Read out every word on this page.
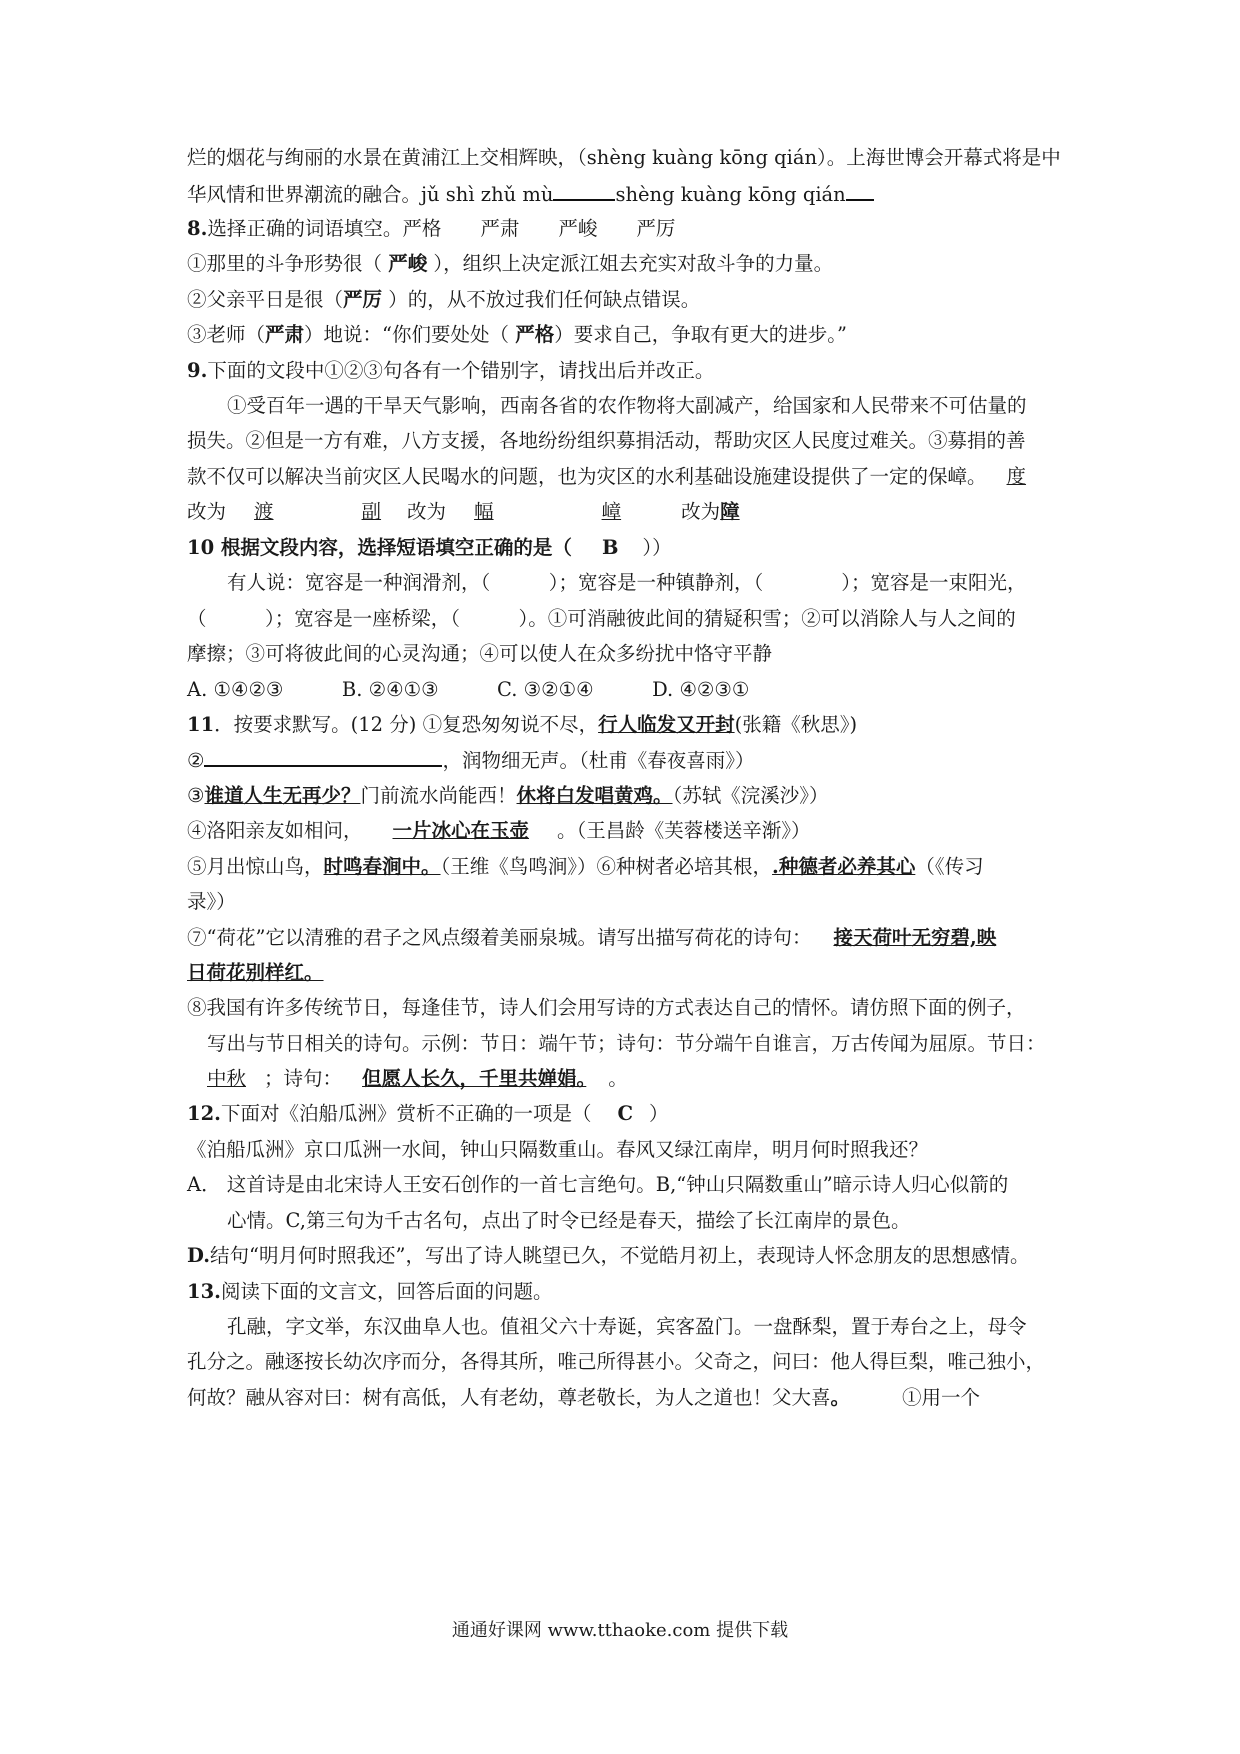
烂的烟花与绚丽的水景在黄浦江上交相辉映，（shèng kuàng kōng qián）。上海世博会开幕式将是中
华风情和世界潮流的融合。jǔ shì zhǔ mù	shèng kuàng kōng qián
8.选择正确的词语填空。严格　　严肃　　严峻　　严厉
①那里的斗争形势很（ 严峻 ），组织上决定派江姐去充实对敌斗争的力量。
②父亲平日是很（严厉 ）的，从不放过我们任何缺点错误。
③老师（严肃）地说：“你们要处处（ 严格）要求自己，争取有更大的进步。”
9.下面的文段中①②③句各有一个错别字，请找出后并改正。
①受百年一遇的干旱天气影响，西南各省的农作物将大副减产，给国家和人民带来不可估量的
损失。②但是一方有难，八方支援，各地纷纷组织募捐活动，帮助灾区人民度过难关。③募捐的善
款不仅可以解决当前灾区人民喝水的问题，也为灾区的水利基础设施建设提供了一定的保嶂。 度
改为 渡	副 改为 幅	嶂	改为障
10 根据文段内容，选择短语填空正确的是（ B ））
有人说：宽容是一种润滑剂，（　　　）；宽容是一种镇静剂，（　　　　）；宽容是一束阳光，
（　　　）；宽容是一座桥梁，（　　　）。①可消融彼此间的猜疑积雪；②可以消除人与人之间的
摩擦；③可将彼此间的心灵沟通；④可以使人在众多纷扰中恪守平静
A. ①④②③　　　B. ②④①③　　　C. ③②①④　　　D. ④②③①
11．按要求默写。(12 分) ①复恐匆匆说不尽，行人临发又开封(张籍《秋思》)
②	，润物细无声。（杜甫《春夜喜雨》）
③谁道人生无再少？门前流水尚能西！休将白发唱黄鸡。（苏轼《浣溪沙》）
④洛阳亲友如相问， 一片冰心在玉壶 。（王昌龄《芙蓉楼送辛渐》）
⑤月出惊山鸟，时鸣春涧中。（王维《鸟鸣涧》）⑥种树者必培其根，.种德者必养其心（《传习
录》）
⑦“荷花”它以清雅的君子之风点缀着美丽泉城。请写出描写荷花的诗句： 接天荷叶无穷碧,映
日荷花别样红。
⑧我国有许多传统节日，每逢佳节，诗人们会用写诗的方式表达自己的情怀。请仿照下面的例子，
写出与节日相关的诗句。示例：节日：端午节；诗句：节分端午自谁言，万古传闻为屈原。节日：
中秋 ；诗句： 但愿人长久，千里共婵娟。 。
12.下面对《泊船瓜洲》赏析不正确的一项是（ C ）
《泊船瓜洲》京口瓜洲一水间，钟山只隔数重山。春风又绿江南岸，明月何时照我还？
A． 这首诗是由北宋诗人王安石创作的一首七言绝句。B,“钟山只隔数重山”暗示诗人归心似箭的
心情。C,第三句为千古名句，点出了时令已经是春天，描绘了长江南岸的景色。
D.结句“明月何时照我还”，写出了诗人眺望已久，不觉皓月初上，表现诗人怀念朋友的思想感情。
13.阅读下面的文言文，回答后面的问题。
孔融，字文举，东汉曲阜人也。值祖父六十寿诞，宾客盈门。一盘酥梨，置于寿台之上，母令
孔分之。融逐按长幼次序而分，各得其所，唯己所得甚小。父奇之，问曰：他人得巨梨，唯己独小，
何故？融从容对曰：树有高低，人有老幼，尊老敬长，为人之道也！父大喜。	①用一个
通通好课网 www.tthaoke.com 提供下载
